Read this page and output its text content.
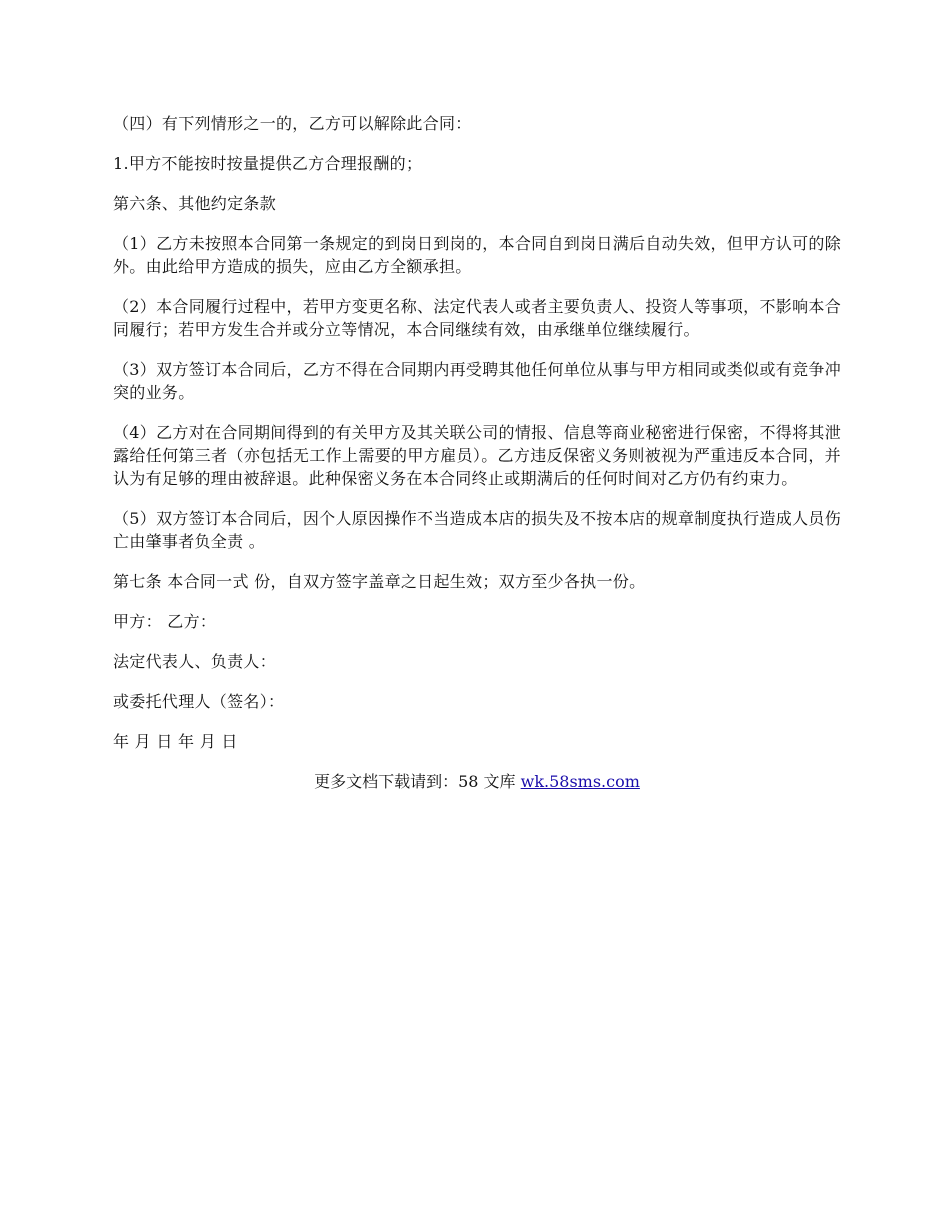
（四）有下列情形之一的，乙方可以解除此合同：

1.甲方不能按时按量提供乙方合理报酬的；

第六条、其他约定条款

（1）乙方未按照本合同第一条规定的到岗日到岗的，本合同自到岗日满后自动失效，但甲方认可的除外。由此给甲方造成的损失，应由乙方全额承担。

（2）本合同履行过程中，若甲方变更名称、法定代表人或者主要负责人、投资人等事项，不影响本合同履行；若甲方发生合并或分立等情况，本合同继续有效，由承继单位继续履行。

（3）双方签订本合同后，乙方不得在合同期内再受聘其他任何单位从事与甲方相同或类似或有竞争冲突的业务。

（4）乙方对在合同期间得到的有关甲方及其关联公司的情报、信息等商业秘密进行保密，不得将其泄露给任何第三者（亦包括无工作上需要的甲方雇员）。乙方违反保密义务则被视为严重违反本合同，并认为有足够的理由被辞退。此种保密义务在本合同终止或期满后的任何时间对乙方仍有约束力。

（5）双方签订本合同后，因个人原因操作不当造成本店的损失及不按本店的规章制度执行造成人员伤亡由肇事者负全责 。

第七条 本合同一式 份，自双方签字盖章之日起生效；双方至少各执一份。

甲方： 乙方：

法定代表人、负责人：

或委托代理人（签名）：

年 月 日 年 月 日

更多文档下载请到：58 文库 wk.58sms.com
